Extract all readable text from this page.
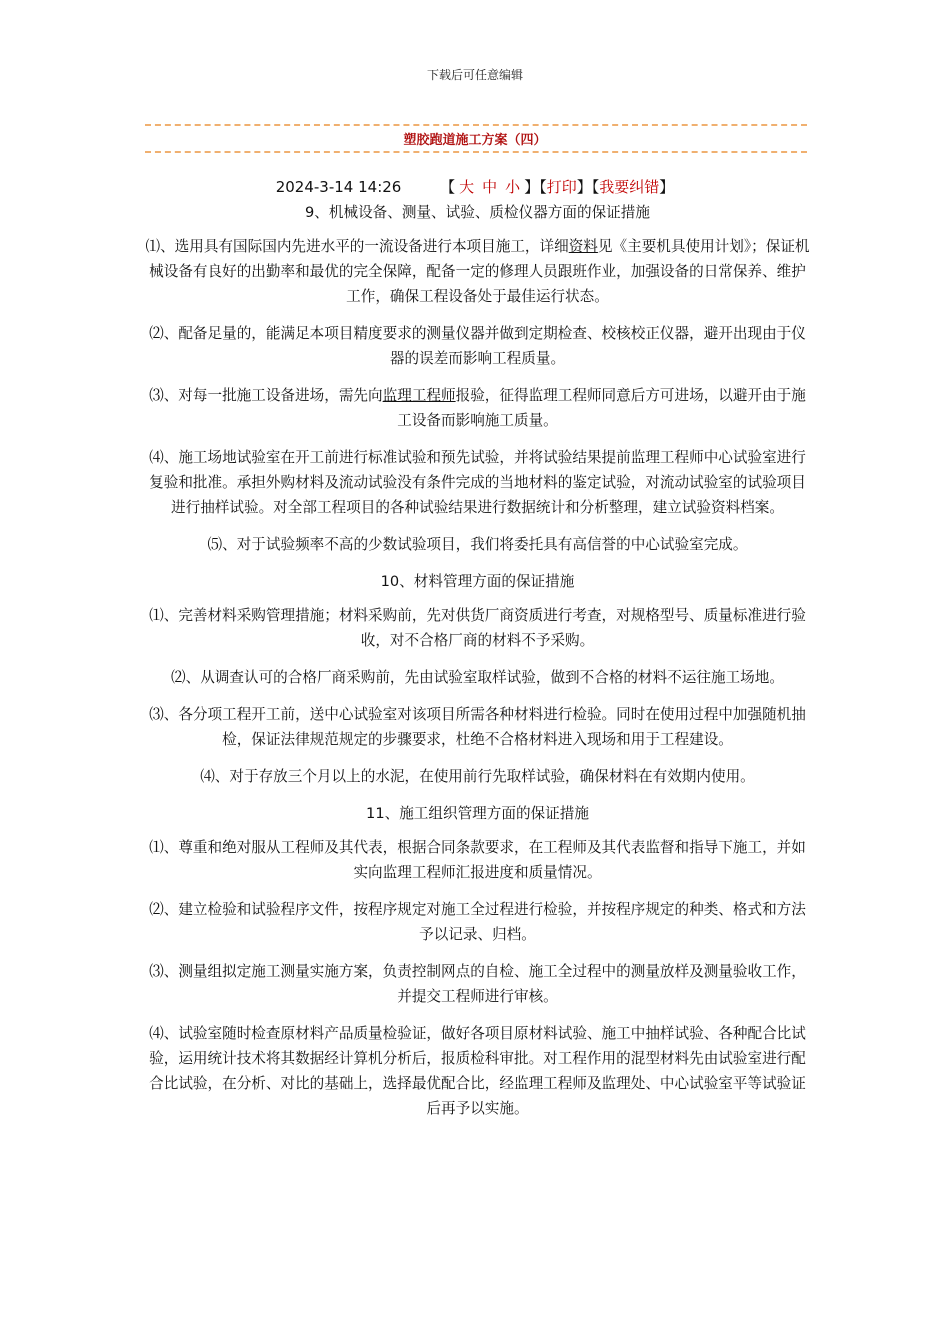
下载后可任意编辑
塑胶跑道施工方案（四）
2024-3-14 14:26	【 大 中 小 】【打印】【我要纠错】

9、机械设备、测量、试验、质检仪器方面的保证措施

⑴、选用具有国际国内先进水平的一流设备进行本项目施工，详细资料见《主要机具使用计划》；保证机械设备有良好的出勤率和最优的完全保障，配备一定的修理人员跟班作业，加强设备的日常保养、维护工作，确保工程设备处于最佳运行状态。

⑵、配备足量的，能满足本项目精度要求的测量仪器并做到定期检查、校核校正仪器，避开出现由于仪器的误差而影响工程质量。

⑶、对每一批施工设备进场，需先向监理工程师报验，征得监理工程师同意后方可进场，以避开由于施工设备而影响施工质量。

⑷、施工场地试验室在开工前进行标准试验和预先试验，并将试验结果提前监理工程师中心试验室进行复验和批准。承担外购材料及流动试验没有条件完成的当地材料的鉴定试验，对流动试验室的试验项目进行抽样试验。对全部工程项目的各种试验结果进行数据统计和分析整理，建立试验资料档案。

⑸、对于试验频率不高的少数试验项目，我们将委托具有高信誉的中心试验室完成。

10、材料管理方面的保证措施

⑴、完善材料采购管理措施；材料采购前，先对供货厂商资质进行考查，对规格型号、质量标准进行验收，对不合格厂商的材料不予采购。

⑵、从调查认可的合格厂商采购前，先由试验室取样试验，做到不合格的材料不运往施工场地。

⑶、各分项工程开工前，送中心试验室对该项目所需各种材料进行检验。同时在使用过程中加强随机抽检，保证法律规范规定的步骤要求，杜绝不合格材料进入现场和用于工程建设。

⑷、对于存放三个月以上的水泥，在使用前行先取样试验，确保材料在有效期内使用。

11、施工组织管理方面的保证措施

⑴、尊重和绝对服从工程师及其代表，根据合同条款要求，在工程师及其代表监督和指导下施工，并如实向监理工程师汇报进度和质量情况。

⑵、建立检验和试验程序文件，按程序规定对施工全过程进行检验，并按程序规定的种类、格式和方法予以记录、归档。

⑶、测量组拟定施工测量实施方案，负责控制网点的自检、施工全过程中的测量放样及测量验收工作，并提交工程师进行审核。

⑷、试验室随时检查原材料产品质量检验证，做好各项目原材料试验、施工中抽样试验、各种配合比试验，运用统计技术将其数据经计算机分析后，报质检科审批。对工程作用的混型材料先由试验室进行配合比试验，在分析、对比的基础上，选择最优配合比，经监理工程师及监理处、中心试验室平等试验证后再予以实施。
